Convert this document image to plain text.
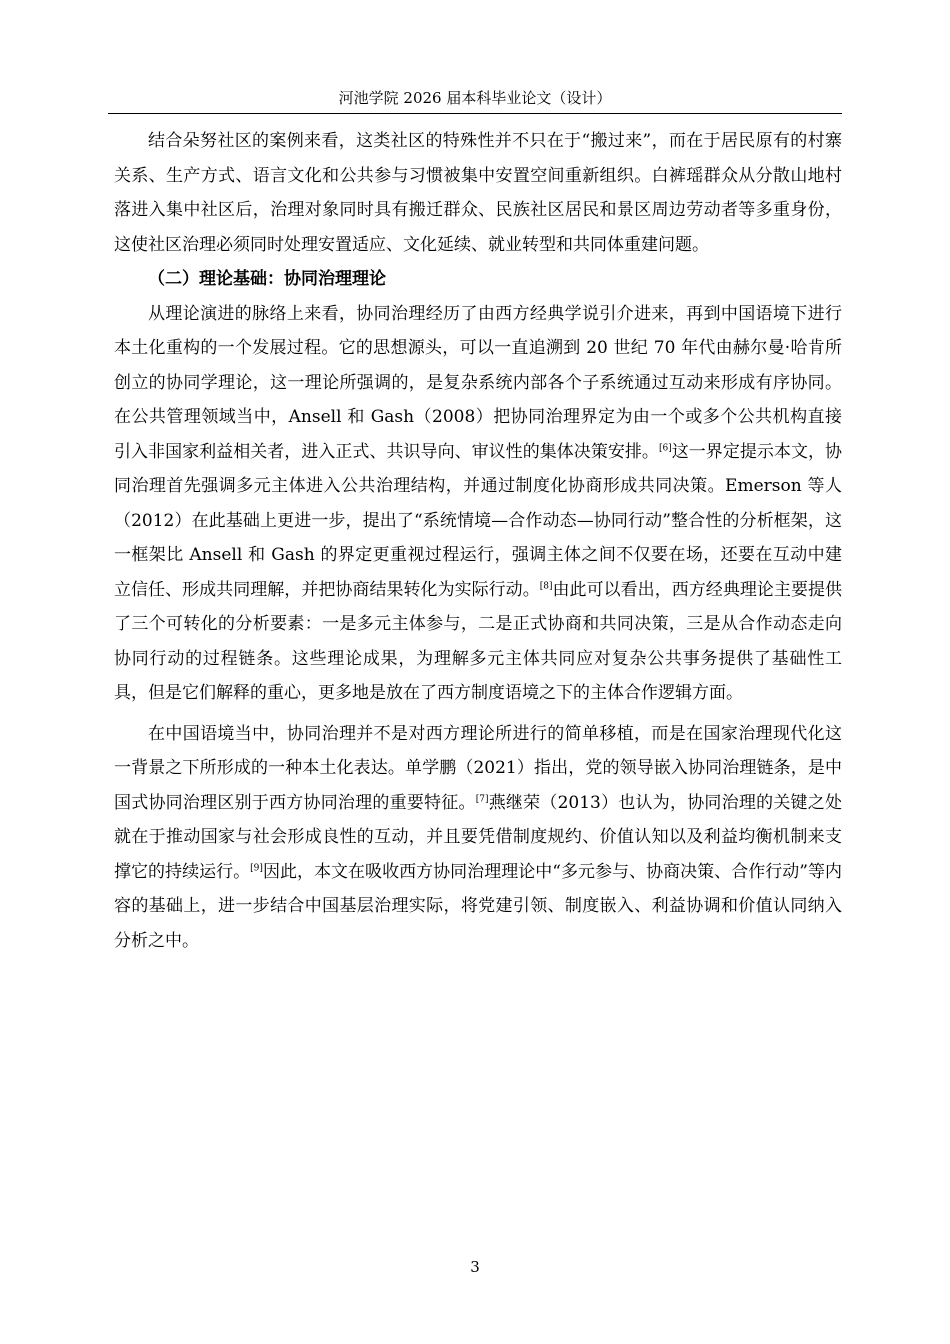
河池学院 2026 届本科毕业论文（设计）

结合朵努社区的案例来看，这类社区的特殊性并不只在于“搬过来”，而在于居民原有的村寨关系、生产方式、语言文化和公共参与习惯被集中安置空间重新组织。白裤瑶群众从分散山地村落进入集中社区后，治理对象同时具有搬迁群众、民族社区居民和景区周边劳动者等多重身份，这使社区治理必须同时处理安置适应、文化延续、就业转型和共同体重建问题。

（二）理论基础：协同治理理论

从理论演进的脉络上来看，协同治理经历了由西方经典学说引介进来，再到中国语境下进行本土化重构的一个发展过程。它的思想源头，可以一直追溯到 20 世纪 70 年代由赫尔曼·哈肯所创立的协同学理论，这一理论所强调的，是复杂系统内部各个子系统通过互动来形成有序协同。在公共管理领域当中，Ansell 和 Gash（2008）把协同治理界定为由一个或多个公共机构直接引入非国家利益相关者，进入正式、共识导向、审议性的集体决策安排。[6]这一界定提示本文，协同治理首先强调多元主体进入公共治理结构，并通过制度化协商形成共同决策。Emerson 等人（2012）在此基础上更进一步，提出了“系统情境—合作动态—协同行动”整合性的分析框架，这一框架比 Ansell 和 Gash 的界定更重视过程运行，强调主体之间不仅要在场，还要在互动中建立信任、形成共同理解，并把协商结果转化为实际行动。[8]由此可以看出，西方经典理论主要提供了三个可转化的分析要素：一是多元主体参与，二是正式协商和共同决策，三是从合作动态走向协同行动的过程链条。这些理论成果，为理解多元主体共同应对复杂公共事务提供了基础性工具，但是它们解释的重心，更多地是放在了西方制度语境之下的主体合作逻辑方面。

在中国语境当中，协同治理并不是对西方理论所进行的简单移植，而是在国家治理现代化这一背景之下所形成的一种本土化表达。单学鹏（2021）指出，党的领导嵌入协同治理链条，是中国式协同治理区别于西方协同治理的重要特征。[7]燕继荣（2013）也认为，协同治理的关键之处就在于推动国家与社会形成良性的互动，并且要凭借制度规约、价值认知以及利益均衡机制来支撑它的持续运行。[9]因此，本文在吸收西方协同治理理论中“多元参与、协商决策、合作行动”等内容的基础上，进一步结合中国基层治理实际，将党建引领、制度嵌入、利益协调和价值认同纳入分析之中。

3
